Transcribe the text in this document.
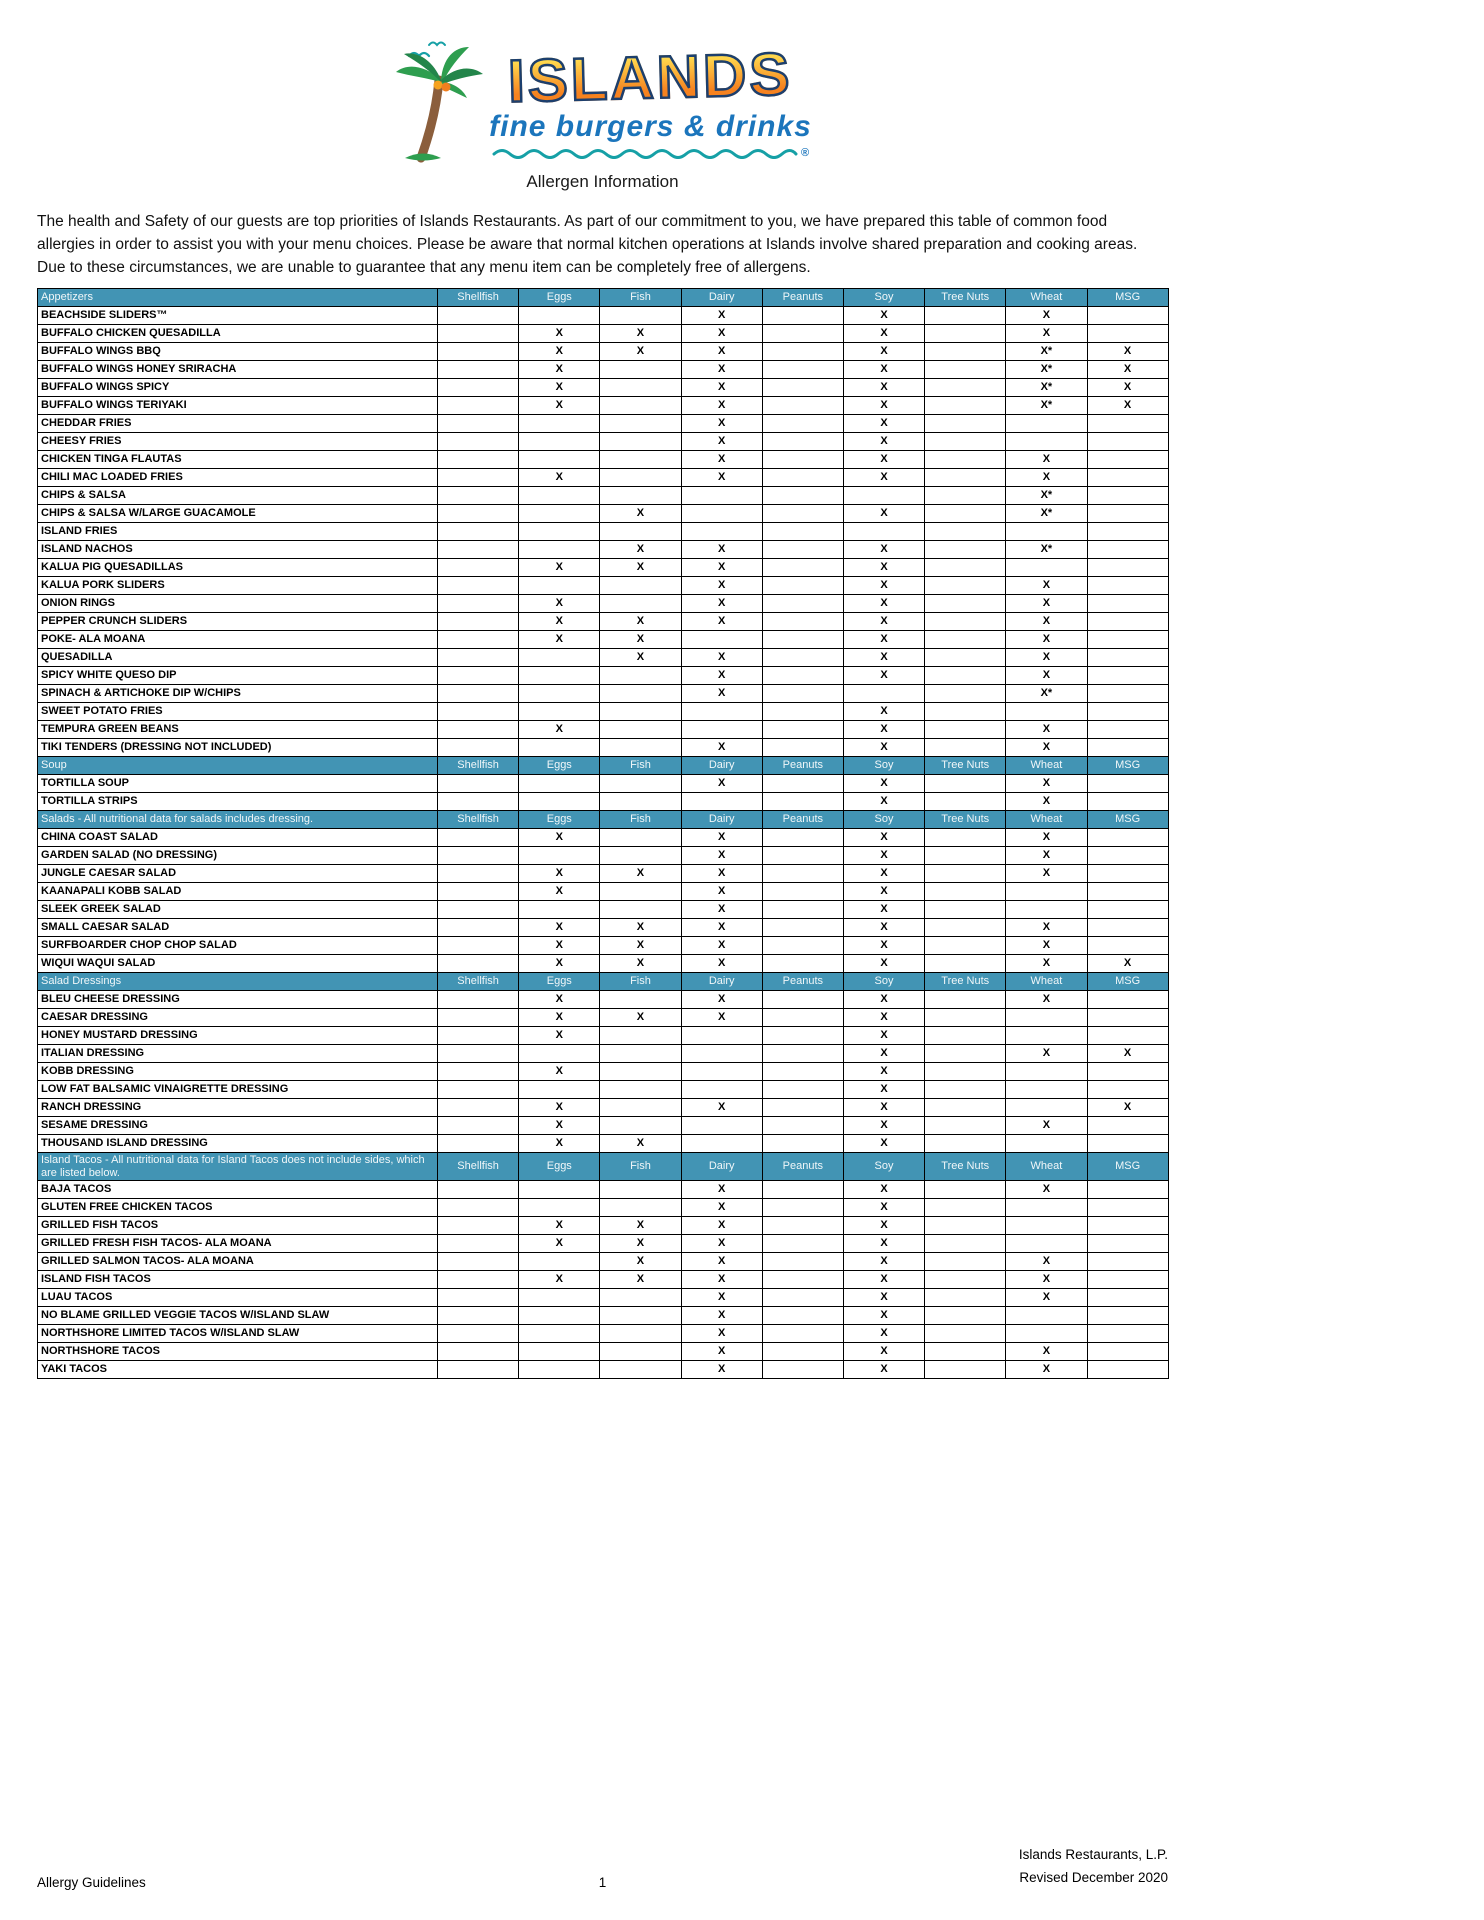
ISLANDS
fine burgers & drinks
®
Allergen Information

The health and Safety of our guests are top priorities of Islands Restaurants. As part of our commitment to you, we have prepared this table of common food allergies in order to assist you with your menu choices. Please be aware that normal kitchen operations at Islands involve shared preparation and cooking areas. Due to these circumstances, we are unable to guarantee that any menu item can be completely free of allergens.

Appetizers	Shellfish	Eggs	Fish	Dairy	Peanuts	Soy	Tree Nuts	Wheat	MSG
BEACHSIDE SLIDERS™				X		X		X	
BUFFALO CHICKEN QUESADILLA		X	X	X		X		X	
BUFFALO WINGS BBQ		X	X	X		X		X*	X
BUFFALO WINGS HONEY SRIRACHA		X		X		X		X*	X
BUFFALO WINGS SPICY		X		X		X		X*	X
BUFFALO WINGS TERIYAKI		X		X		X		X*	X
CHEDDAR FRIES				X		X			
CHEESY FRIES				X		X			
CHICKEN TINGA FLAUTAS				X		X		X	
CHILI MAC LOADED FRIES		X		X		X		X	
CHIPS & SALSA								X*	
CHIPS & SALSA W/LARGE GUACAMOLE			X			X		X*	
ISLAND FRIES									
ISLAND NACHOS			X	X		X		X*	
KALUA PIG QUESADILLAS		X	X	X		X			
KALUA PORK SLIDERS				X		X		X	
ONION RINGS		X		X		X		X	
PEPPER CRUNCH SLIDERS		X	X	X		X		X	
POKE- ALA MOANA		X	X			X		X	
QUESADILLA			X	X		X		X	
SPICY WHITE QUESO DIP				X		X		X	
SPINACH & ARTICHOKE DIP W/CHIPS				X				X*	
SWEET POTATO FRIES						X			
TEMPURA GREEN BEANS		X				X		X	
TIKI TENDERS (DRESSING NOT INCLUDED)				X		X		X	
Soup	Shellfish	Eggs	Fish	Dairy	Peanuts	Soy	Tree Nuts	Wheat	MSG
TORTILLA SOUP				X		X		X	
TORTILLA STRIPS						X		X	
Salads - All nutritional data for salads includes dressing.	Shellfish	Eggs	Fish	Dairy	Peanuts	Soy	Tree Nuts	Wheat	MSG
CHINA COAST SALAD		X		X		X		X	
GARDEN SALAD (NO DRESSING)				X		X		X	
JUNGLE CAESAR SALAD		X	X	X		X		X	
KAANAPALI KOBB SALAD		X		X		X			
SLEEK GREEK SALAD				X		X			
SMALL CAESAR SALAD		X	X	X		X		X	
SURFBOARDER CHOP CHOP SALAD		X	X	X		X		X	
WIQUI WAQUI SALAD		X	X	X		X		X	X
Salad Dressings	Shellfish	Eggs	Fish	Dairy	Peanuts	Soy	Tree Nuts	Wheat	MSG
BLEU CHEESE DRESSING		X		X		X		X	
CAESAR DRESSING		X	X	X		X			
HONEY MUSTARD DRESSING		X				X			
ITALIAN DRESSING						X		X	X
KOBB DRESSING		X				X			
LOW FAT BALSAMIC VINAIGRETTE DRESSING						X			
RANCH DRESSING		X		X		X			X
SESAME DRESSING		X				X		X	
THOUSAND ISLAND DRESSING		X	X			X			
Island Tacos - All nutritional data for Island Tacos does not include sides, which are listed below.	Shellfish	Eggs	Fish	Dairy	Peanuts	Soy	Tree Nuts	Wheat	MSG
BAJA TACOS				X		X		X	
GLUTEN FREE CHICKEN TACOS				X		X			
GRILLED FISH TACOS		X	X	X		X			
GRILLED FRESH FISH TACOS- ALA MOANA		X	X	X		X			
GRILLED SALMON TACOS- ALA MOANA			X	X		X		X	
ISLAND FISH TACOS		X	X	X		X		X	
LUAU TACOS				X		X		X	
NO BLAME GRILLED VEGGIE TACOS W/ISLAND SLAW				X		X			
NORTHSHORE LIMITED TACOS W/ISLAND SLAW				X		X			
NORTHSHORE TACOS				X		X		X	
YAKI TACOS				X		X		X	
Allergy Guidelines	1
Islands Restaurants, L.P.
Revised December 2020
